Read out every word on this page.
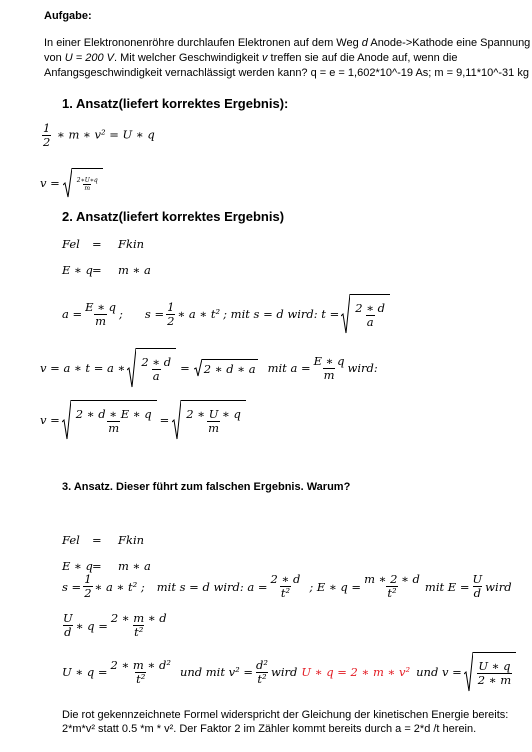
Aufgabe:
In einer Elektrononenröhre durchlaufen Elektronen auf dem Weg d Anode->Kathode eine Spannung
von U = 200 V. Mit welcher Geschwindigkeit v treffen sie auf die Anode auf, wenn die
Anfangsgeschwindigkeit vernachlässigt werden kann? q = e = 1,602*10^-19 As; m = 9,11*10^-31 kg
1. Ansatz(liefert korrektes Ergebnis):
$\frac{1}{2}$ ∗ m ∗ v² = U ∗ q
v =	2∗U∗q
m
2. Ansatz(liefert korrektes Ergebnis)
Fel = Fkin
E ∗ q = m ∗ a
$a = \frac{E ∗ q}{m}$ ; $s = \frac{1}{2}$ ∗ a ∗ t² ; mit s = d wird: t = 2 ∗ d
a
v = a ∗ t = a ∗ 2 ∗ d
a
= 2 ∗ d ∗ a mit $a = \frac{E ∗ q}{m}$ wird:
v = 2 ∗ d ∗ E ∗ q
m
= 2 ∗ U ∗ q
m
3. Ansatz. Dieser führt zum falschen Ergebnis. Warum?
Fel = Fkin
E ∗ q = m ∗ a
$s = \frac{1}{2}$ ∗ a ∗ t² ; mit s = d wird: $a = \frac{2 ∗ d}{\text{t²}}$ ; E ∗ $q = \frac{m ∗ 2 ∗ d}{\text{t²}}$ mit $E = \frac{U}{d}$ wird
U
d ∗ $q = \frac{2 ∗ m ∗ d}{\text{t²}}$
U ∗ $q = \frac{\text{2 ∗ m ∗ d²}}{\text{t²}}$ und mit $v^2 = \frac{\text{d²}}{\text{t²}}$ wird U ∗ q = 2 ∗ m ∗ v² und v = U ∗ q
2 ∗ m
Die rot gekennzeichnete Formel widerspricht der Gleichung der kinetischen Energie bereits:
2*m*v² statt 0.5 *m * v². Der Faktor 2 im Zähler kommt bereits durch a = 2*d /t herein.
